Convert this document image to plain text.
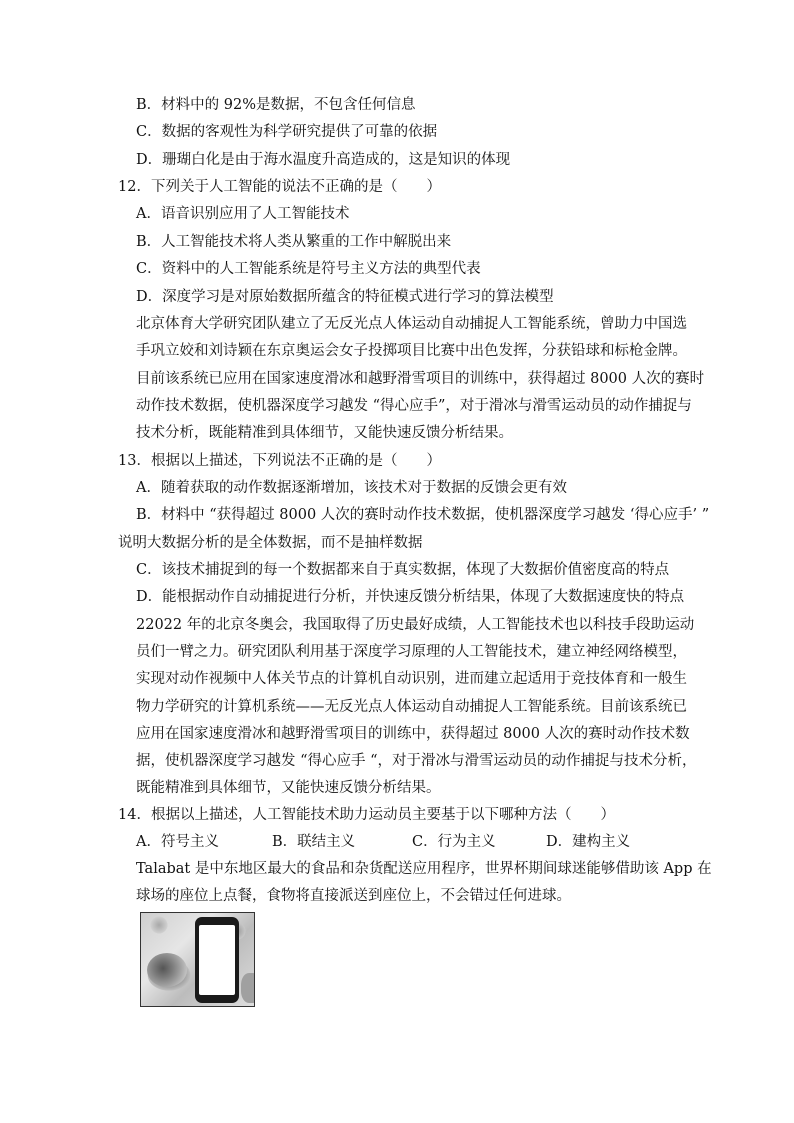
B．材料中的 92%是数据，不包含任何信息
C．数据的客观性为科学研究提供了可靠的依据
D．珊瑚白化是由于海水温度升高造成的，这是知识的体现
12．下列关于人工智能的说法不正确的是（　　）
A．语音识别应用了人工智能技术
B．人工智能技术将人类从繁重的工作中解脱出来
C．资料中的人工智能系统是符号主义方法的典型代表
D．深度学习是对原始数据所蕴含的特征模式进行学习的算法模型
北京体育大学研究团队建立了无反光点人体运动自动捕捉人工智能系统，曾助力中国选
手巩立姣和刘诗颖在东京奥运会女子投掷项目比赛中出色发挥，分获铅球和标枪金牌。
目前该系统已应用在国家速度滑冰和越野滑雪项目的训练中，获得超过 8000 人次的赛时
动作技术数据，使机器深度学习越发 “得心应手”，对于滑冰与滑雪运动员的动作捕捉与
技术分析，既能精准到具体细节，又能快速反馈分析结果。
13．根据以上描述，下列说法不正确的是（　　）
A．随着获取的动作数据逐渐增加，该技术对于数据的反馈会更有效
B．材料中 “获得超过 8000 人次的赛时动作技术数据，使机器深度学习越发 ‘得心应手’ ”
说明大数据分析的是全体数据，而不是抽样数据
C．该技术捕捉到的每一个数据都来自于真实数据，体现了大数据价值密度高的特点
D．能根据动作自动捕捉进行分析，并快速反馈分析结果，体现了大数据速度快的特点
22022 年的北京冬奥会，我国取得了历史最好成绩，人工智能技术也以科技手段助运动
员们一臂之力。研究团队利用基于深度学习原理的人工智能技术，建立神经网络模型，
实现对动作视频中人体关节点的计算机自动识别，进而建立起适用于竞技体育和一般生
物力学研究的计算机系统——无反光点人体运动自动捕捉人工智能系统。目前该系统已
应用在国家速度滑冰和越野滑雪项目的训练中，获得超过 8000 人次的赛时动作技术数
据，使机器深度学习越发 “得心应手 “，对于滑冰与滑雪运动员的动作捕捉与技术分析，
既能精准到具体细节，又能快速反馈分析结果。
14．根据以上描述，人工智能技术助力运动员主要基于以下哪种方法（　　）
A．符号主义	B．联结主义	C．行为主义	D．建构主义
Talabat 是中东地区最大的食品和杂货配送应用程序，世界杯期间球迷能够借助该 App 在
球场的座位上点餐，食物将直接派送到座位上，不会错过任何进球。
